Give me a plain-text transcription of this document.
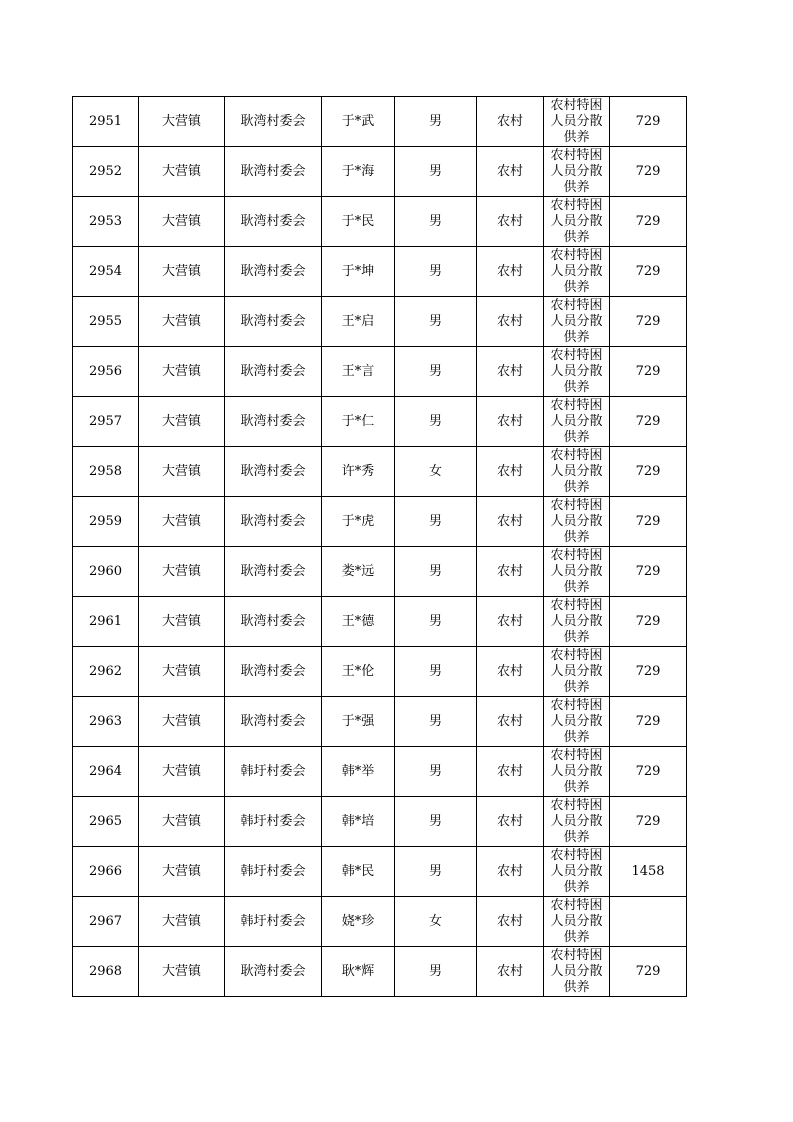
2951	大营镇	耿湾村委会	于*武	男	农村	农村特困人员分散供养	729
2952	大营镇	耿湾村委会	于*海	男	农村	农村特困人员分散供养	729
2953	大营镇	耿湾村委会	于*民	男	农村	农村特困人员分散供养	729
2954	大营镇	耿湾村委会	于*坤	男	农村	农村特困人员分散供养	729
2955	大营镇	耿湾村委会	王*启	男	农村	农村特困人员分散供养	729
2956	大营镇	耿湾村委会	王*言	男	农村	农村特困人员分散供养	729
2957	大营镇	耿湾村委会	于*仁	男	农村	农村特困人员分散供养	729
2958	大营镇	耿湾村委会	许*秀	女	农村	农村特困人员分散供养	729
2959	大营镇	耿湾村委会	于*虎	男	农村	农村特困人员分散供养	729
2960	大营镇	耿湾村委会	娄*远	男	农村	农村特困人员分散供养	729
2961	大营镇	耿湾村委会	王*德	男	农村	农村特困人员分散供养	729
2962	大营镇	耿湾村委会	王*伦	男	农村	农村特困人员分散供养	729
2963	大营镇	耿湾村委会	于*强	男	农村	农村特困人员分散供养	729
2964	大营镇	韩圩村委会	韩*举	男	农村	农村特困人员分散供养	729
2965	大营镇	韩圩村委会	韩*培	男	农村	农村特困人员分散供养	729
2966	大营镇	韩圩村委会	韩*民	男	农村	农村特困人员分散供养	1458
2967	大营镇	韩圩村委会	娆*珍	女	农村	农村特困人员分散供养	

2968	大营镇	耿湾村委会	耿*辉	男	农村	农村特困人员分散供养	729
